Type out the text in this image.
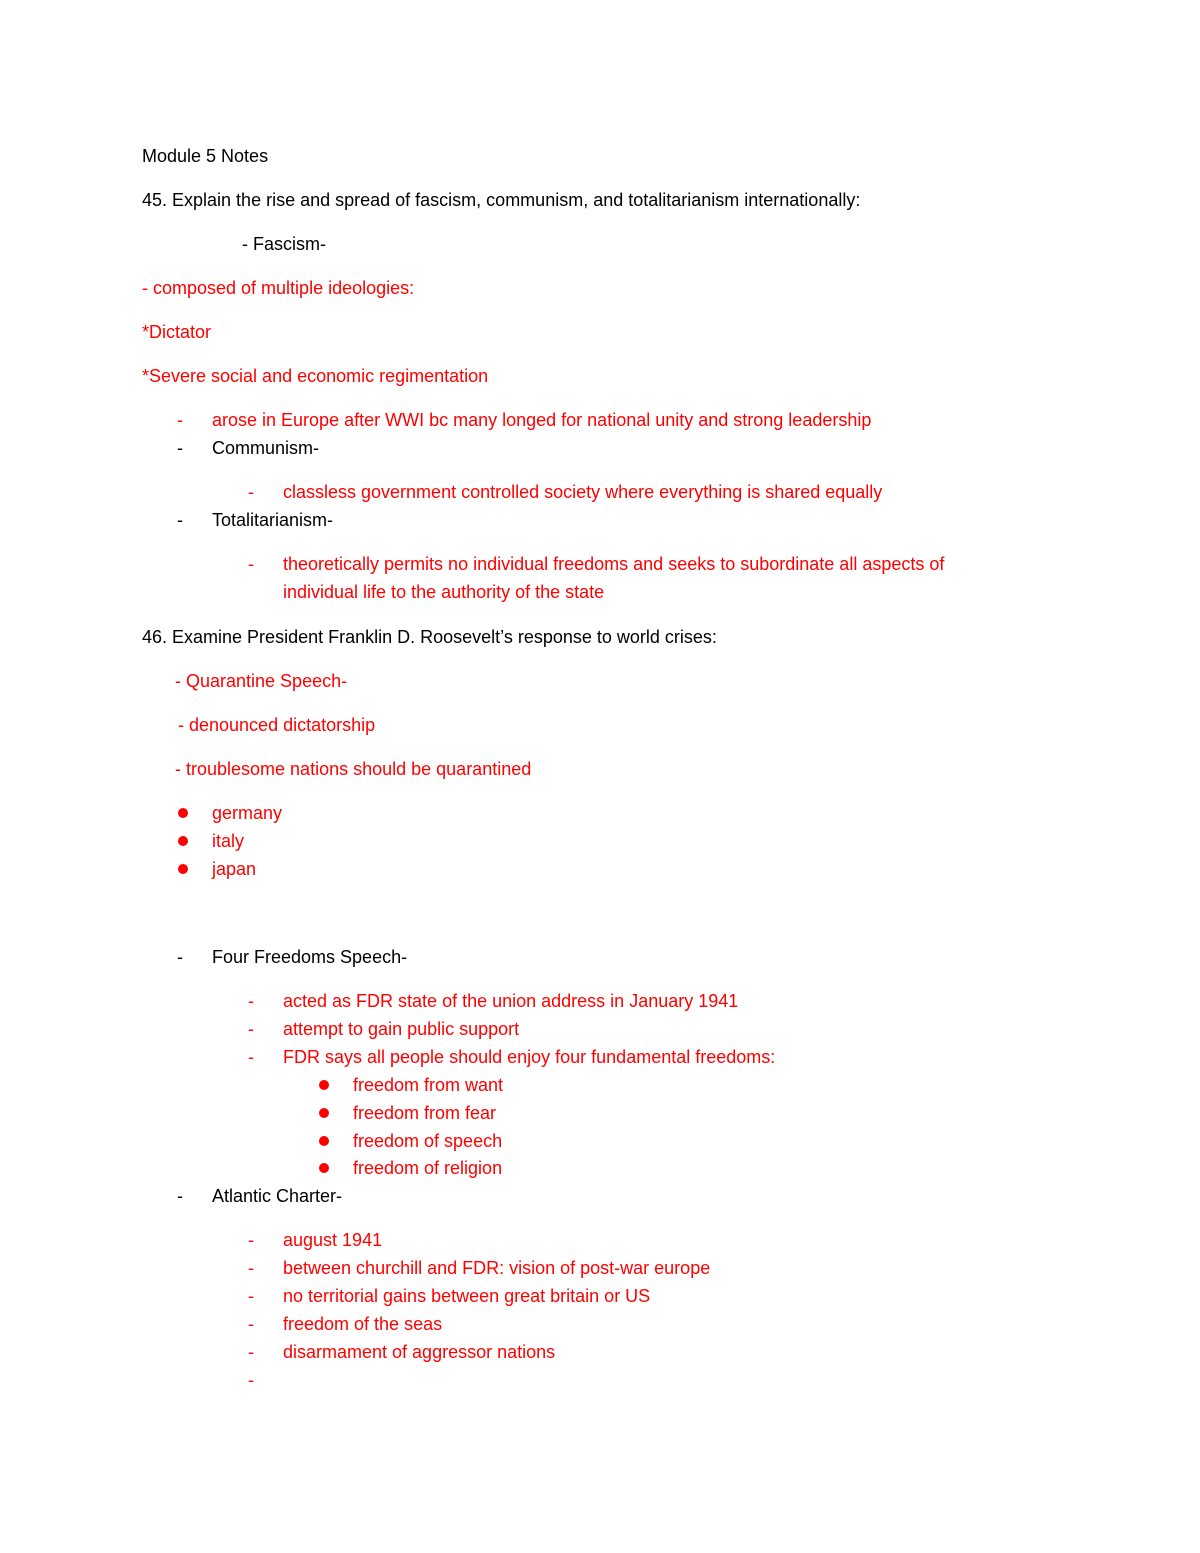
Module 5 Notes

45. Explain the rise and spread of fascism, communism, and totalitarianism internationally:

- Fascism-

- composed of multiple ideologies:

*Dictator

*Severe social and economic regimentation

- arose in Europe after WWI bc many longed for national unity and strong leadership

- Communism-

- classless government controlled society where everything is shared equally

- Totalitarianism-

- theoretically permits no individual freedoms and seeks to subordinate all aspects of

individual life to the authority of the state

46. Examine President Franklin D. Roosevelt’s response to world crises:

- Quarantine Speech-

- denounced dictatorship

- troublesome nations should be quarantined

germany

italy

japan

- Four Freedoms Speech-

- acted as FDR state of the union address in January 1941

- attempt to gain public support

- FDR says all people should enjoy four fundamental freedoms:

freedom from want

freedom from fear

freedom of speech

freedom of religion

- Atlantic Charter-

- august 1941

- between churchill and FDR: vision of post-war europe

- no territorial gains between great britain or US

- freedom of the seas

- disarmament of aggressor nations

-
